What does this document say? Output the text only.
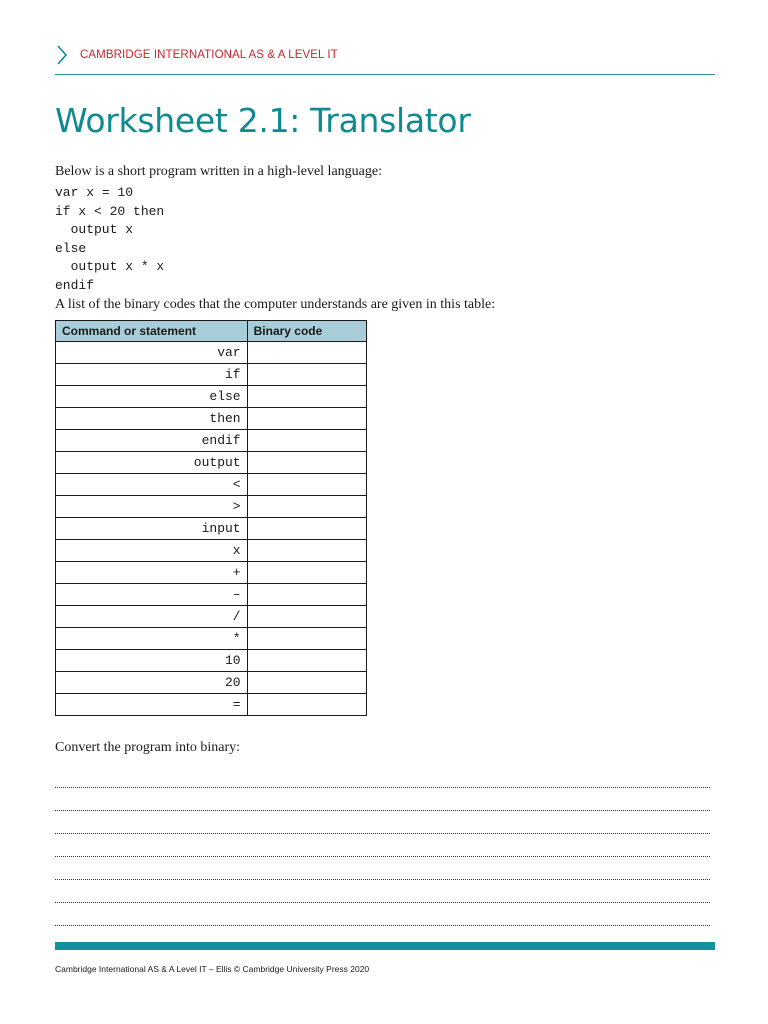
CAMBRIDGE INTERNATIONAL AS & A LEVEL IT
Worksheet 2.1: Translator

Below is a short program written in a high-level language:

var x = 10
if x < 20 then
output x
else
output x * x
endif

A list of the binary codes that the computer understands are given in this table:

Command or statement	Binary code
var	
if	
else	
then	
endif	
output	
<	
>	
input	
x	
+	
–	
/	
*	
10	
20	
=	

Convert the program into binary:

Cambridge International AS & A Level IT – Ellis © Cambridge University Press 2020
